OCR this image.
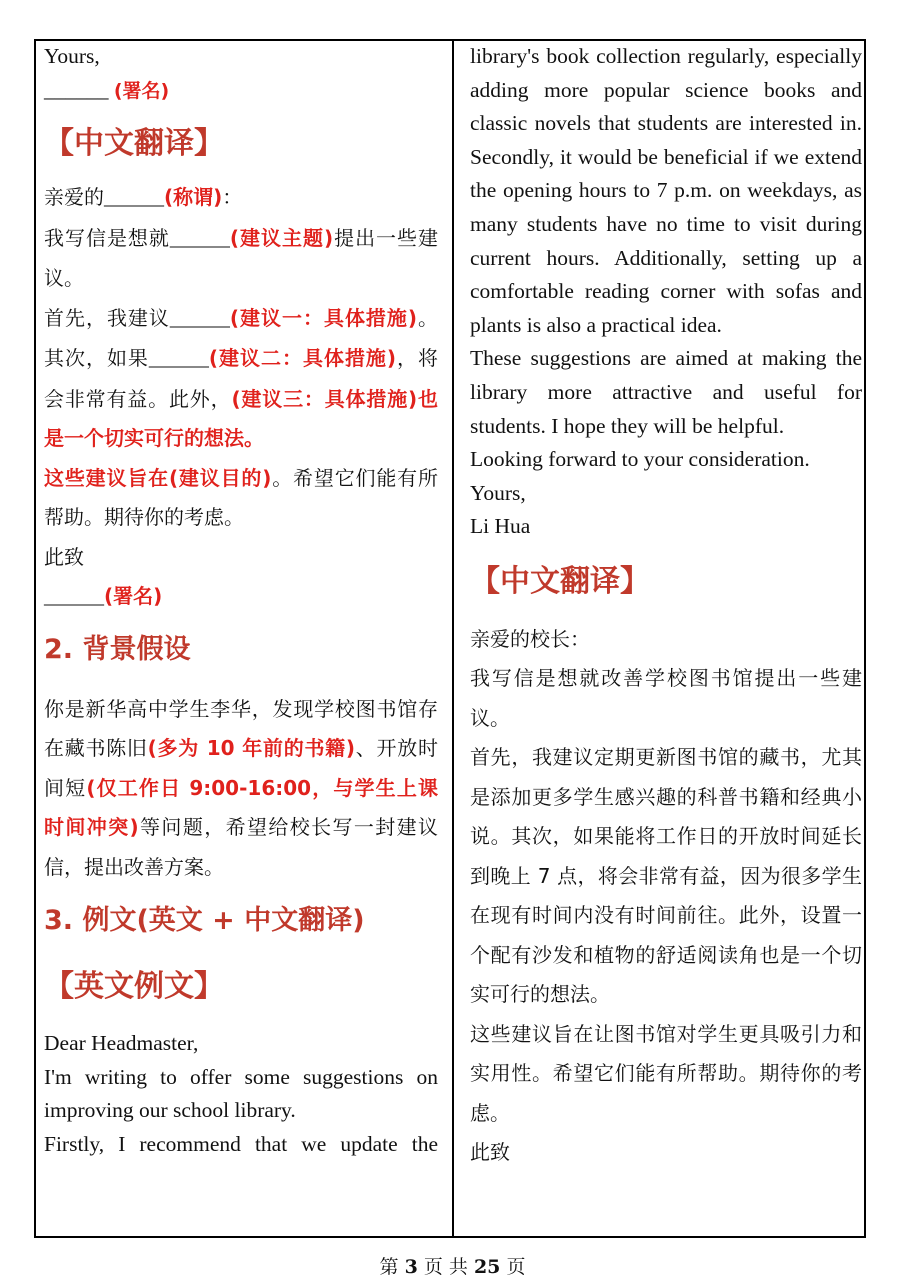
Yours,

______ (署名)

【中文翻译】

亲爱的______(称谓)：

我写信是想就______(建议主题)提出一些建议。

首先，我建议______(建议一：具体措施)。其次，如果______(建议二：具体措施)，将会非常有益。此外，(建议三：具体措施)也是一个切实可行的想法。

这些建议旨在(建议目的)。希望它们能有所帮助。期待你的考虑。

此致

______(署名)

2. 背景假设

你是新华高中学生李华，发现学校图书馆存在藏书陈旧(多为 10 年前的书籍)、开放时间短(仅工作日 9:00-16:00，与学生上课时间冲突)等问题，希望给校长写一封建议信，提出改善方案。

3. 例文(英文 + 中文翻译)
【英文例文】

Dear Headmaster,

I'm writing to offer some suggestions on improving our school library.

Firstly, I recommend that we update the

library's book collection regularly, especially adding more popular science books and classic novels that students are interested in. Secondly, it would be beneficial if we extend the opening hours to 7 p.m. on weekdays, as many students have no time to visit during current hours. Additionally, setting up a comfortable reading corner with sofas and plants is also a practical idea.

These suggestions are aimed at making the library more attractive and useful for students. I hope they will be helpful.

Looking forward to your consideration.

Yours,

Li Hua

【中文翻译】

亲爱的校长：

我写信是想就改善学校图书馆提出一些建议。

首先，我建议定期更新图书馆的藏书，尤其是添加更多学生感兴趣的科普书籍和经典小说。其次，如果能将工作日的开放时间延长到晚上 7 点，将会非常有益，因为很多学生在现有时间内没有时间前往。此外，设置一个配有沙发和植物的舒适阅读角也是一个切实可行的想法。

这些建议旨在让图书馆对学生更具吸引力和实用性。希望它们能有所帮助。期待你的考虑。

此致

第 3 页 共 25 页
